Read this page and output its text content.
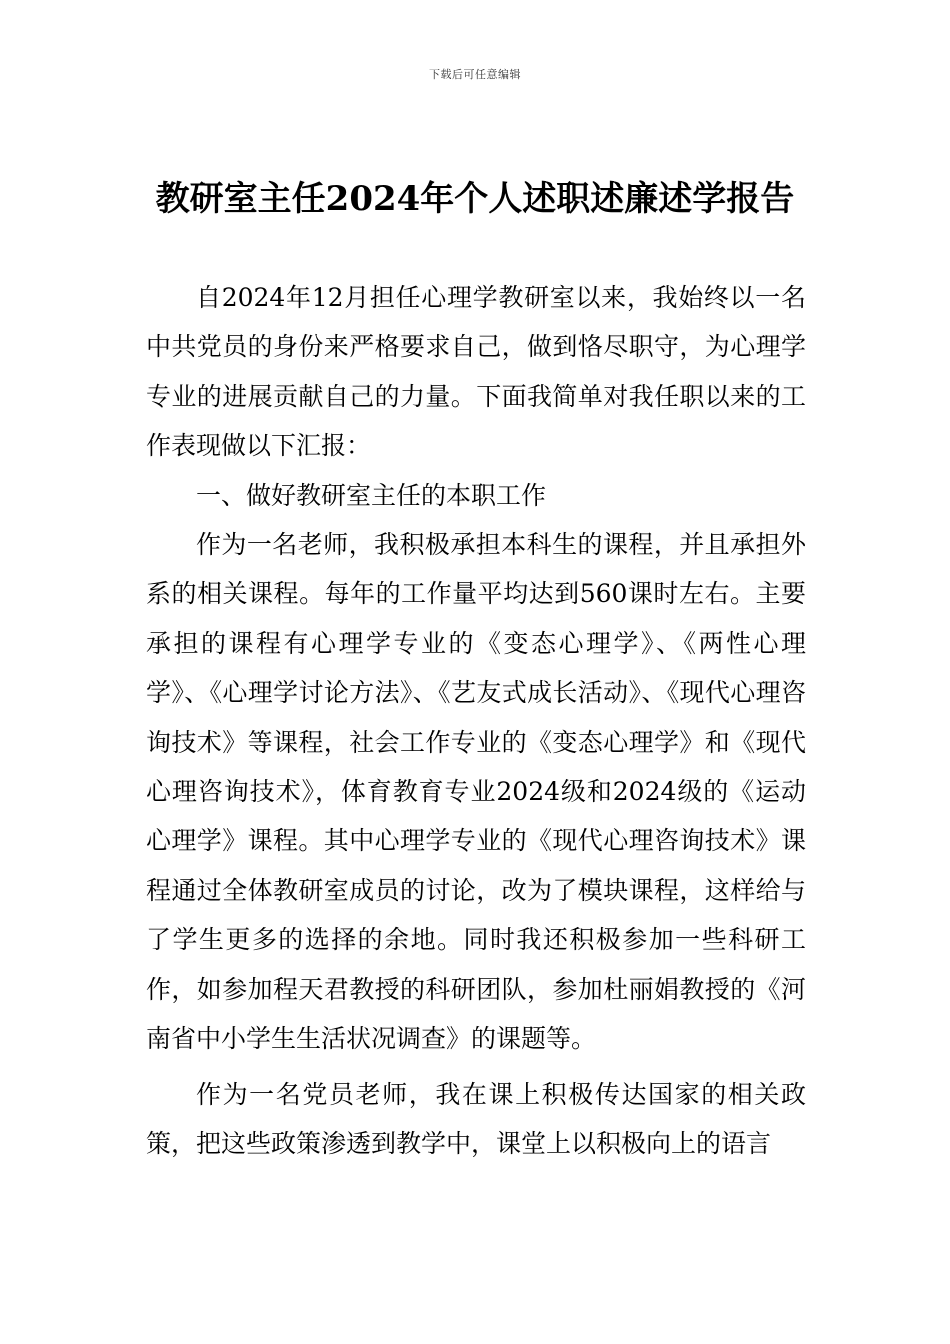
下载后可任意编辑
教研室主任2024年个人述职述廉述学报告

自2024年12月担任心理学教研室以来，我始终以一名中共党员的身份来严格要求自己，做到恪尽职守，为心理学专业的进展贡献自己的力量。下面我简单对我任职以来的工作表现做以下汇报：

一、做好教研室主任的本职工作

作为一名老师，我积极承担本科生的课程，并且承担外系的相关课程。每年的工作量平均达到560课时左右。主要承担的课程有心理学专业的《变态心理学》、《两性心理学》、《心理学讨论方法》、《艺友式成长活动》、《现代心理咨询技术》等课程，社会工作专业的《变态心理学》和《现代心理咨询技术》，体育教育专业2024级和2024级的《运动心理学》课程。其中心理学专业的《现代心理咨询技术》课程通过全体教研室成员的讨论，改为了模块课程，这样给与了学生更多的选择的余地。同时我还积极参加一些科研工作，如参加程天君教授的科研团队，参加杜丽娟教授的《河南省中小学生生活状况调查》的课题等。

作为一名党员老师，我在课上积极传达国家的相关政策，把这些政策渗透到教学中，课堂上以积极向上的语言
